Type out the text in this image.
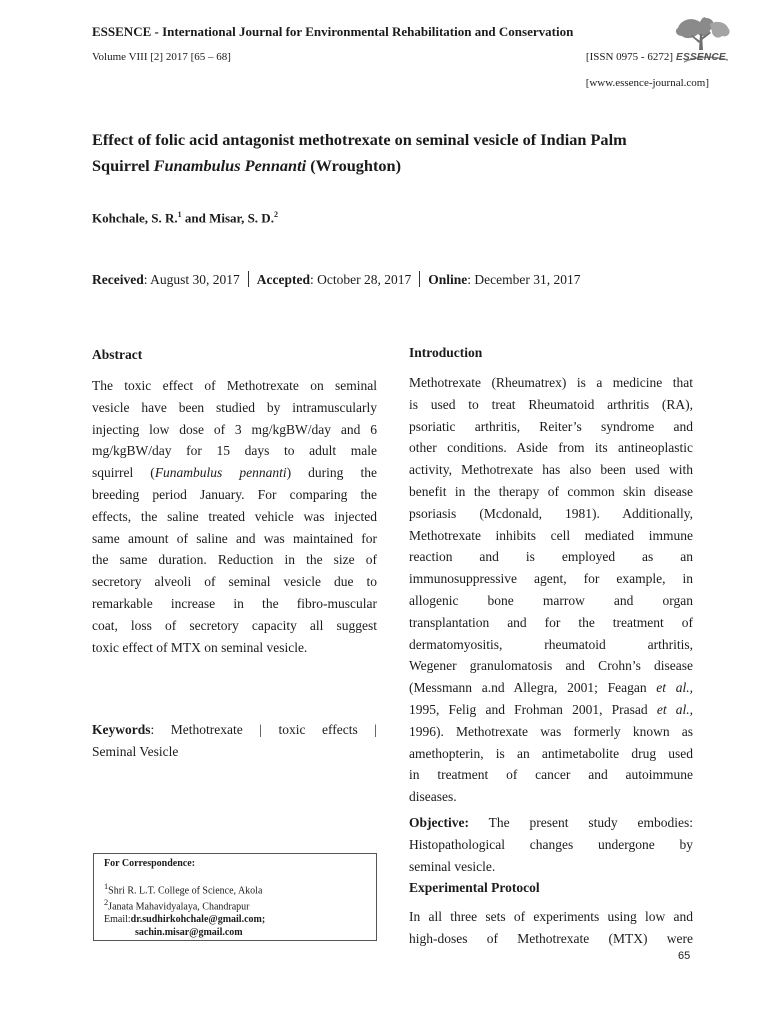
ESSENCE - International Journal for Environmental Rehabilitation and Conservation
Volume VIII [2] 2017 [65 – 68]	[ISSN 0975 - 6272]
[www.essence-journal.com]
ESSENCE
Effect of folic acid antagonist methotrexate on seminal vesicle of Indian Palm
Squirrel Funambulus Pennanti (Wroughton)
Kohchale, S. R.$^1$ and Misar, S. D.$^2$
Received: August 30, 2017 Accepted: October 28, 2017 Online: December 31, 2017
Abstract
The toxic effect of Methotrexate on seminal
vesicle have been studied by intramuscularly
injecting low dose of 3 mg/kgBW/day and 6
mg/kgBW/day for 15 days to adult male
squirrel (Funambulus pennanti) during the
breeding period January. For comparing the
effects, the saline treated vehicle was injected
same amount of saline and was maintained for
the same duration. Reduction in the size of
secretory alveoli of seminal vesicle due to
remarkable increase in the fibro-muscular
coat, loss of secretory capacity all suggest
toxic effect of MTX on seminal vesicle.
Keywords: Methotrexate | toxic effects |
Seminal Vesicle
For Correspondence:
$^1$Shri R. L.T. College of Science, Akola
$^2$Janata Mahavidyalaya, Chandrapur
Email:dr.sudhirkohchale@gmail.com;
sachin.misar@gmail.com
Introduction
Methotrexate (Rheumatrex) is a medicine that
is used to treat Rheumatoid arthritis (RA),
psoriatic arthritis, Reiter’s syndrome and
other conditions. Aside from its antineoplastic
activity, Methotrexate has also been used with
benefit in the therapy of common skin disease
psoriasis (Mcdonald, 1981). Additionally,
Methotrexate inhibits cell mediated immune
reaction and is employed as an
immunosuppressive agent, for example, in
allogenic bone marrow and organ
transplantation and for the treatment of
dermatomyositis, rheumatoid arthritis,
Wegener granulomatosis and Crohn’s disease
(Messmann a.nd Allegra, 2001; Feagan et al.,
1995, Felig and Frohman 2001, Prasad et al.,
1996). Methotrexate was formerly known as
amethopterin, is an antimetabolite drug used
in treatment of cancer and autoimmune
diseases.
Objective: The present study embodies:
Histopathological changes undergone by
seminal vesicle.
Experimental Protocol
In all three sets of experiments using low and
high-doses of Methotrexate (MTX) were
65
